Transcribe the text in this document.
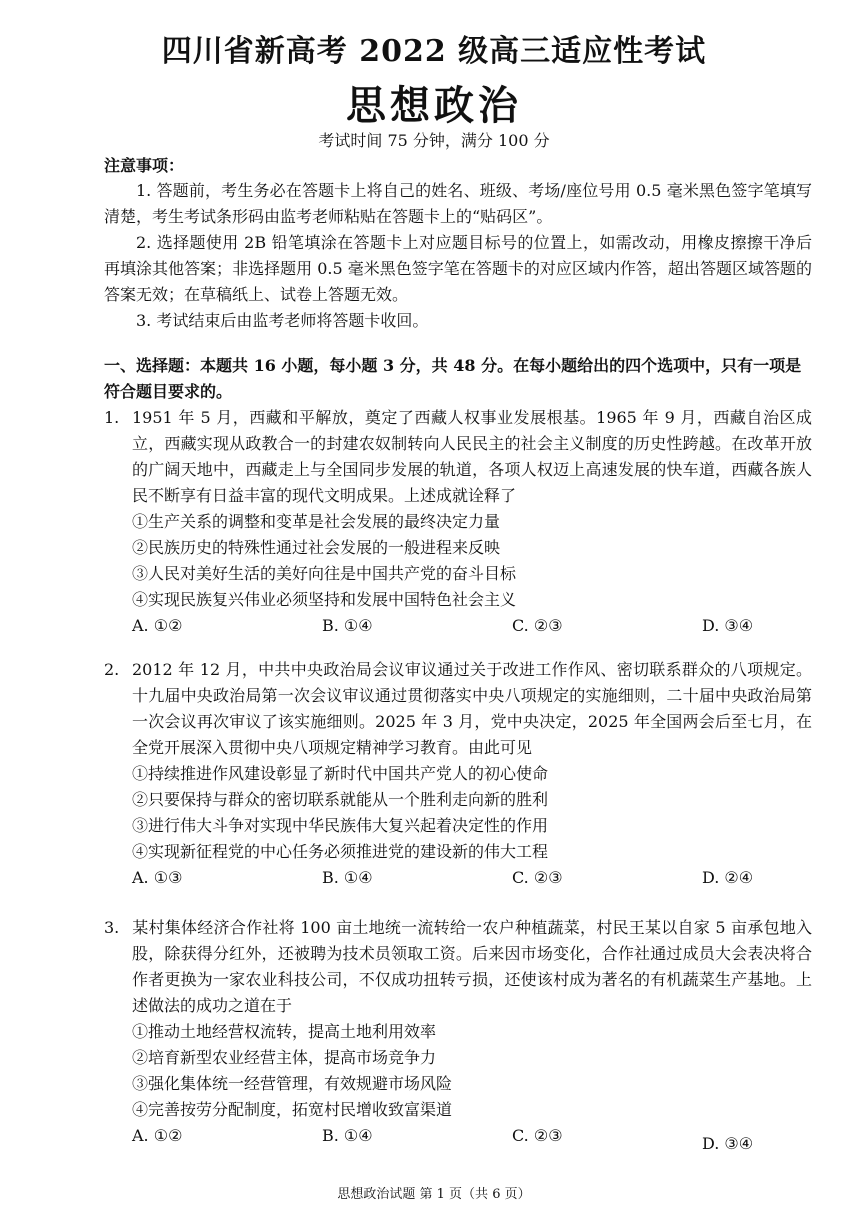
四川省新高考 2022 级高三适应性考试
思想政治
考试时间 75 分钟，满分 100 分
注意事项：

1. 答题前，考生务必在答题卡上将自己的姓名、班级、考场/座位号用 0.5 毫米黑色签字笔填写清楚，考生考试条形码由监考老师粘贴在答题卡上的“贴码区”。

2. 选择题使用 2B 铅笔填涂在答题卡上对应题目标号的位置上，如需改动，用橡皮擦擦干净后再填涂其他答案；非选择题用 0.5 毫米黑色签字笔在答题卡的对应区域内作答，超出答题区域答题的答案无效；在草稿纸上、试卷上答题无效。

3. 考试结束后由监考老师将答题卡收回。

一、选择题：本题共 16 小题，每小题 3 分，共 48 分。在每小题给出的四个选项中，只有一项是符合题目要求的。
1. 1951 年 5 月，西藏和平解放，奠定了西藏人权事业发展根基。1965 年 9 月，西藏自治区成立，西藏实现从政教合一的封建农奴制转向人民民主的社会主义制度的历史性跨越。在改革开放的广阔天地中，西藏走上与全国同步发展的轨道，各项人权迈上高速发展的快车道，西藏各族人民不断享有日益丰富的现代文明成果。上述成就诠释了
①生产关系的调整和变革是社会发展的最终决定力量
②民族历史的特殊性通过社会发展的一般进程来反映
③人民对美好生活的美好向往是中国共产党的奋斗目标
④实现民族复兴伟业必须坚持和发展中国特色社会主义
A. ①②	B. ①④	C. ②③	D. ③④
2. 2012 年 12 月，中共中央政治局会议审议通过关于改进工作作风、密切联系群众的八项规定。十九届中央政治局第一次会议审议通过贯彻落实中央八项规定的实施细则，二十届中央政治局第一次会议再次审议了该实施细则。2025 年 3 月，党中央决定，2025 年全国两会后至七月，在全党开展深入贯彻中央八项规定精神学习教育。由此可见
①持续推进作风建设彰显了新时代中国共产党人的初心使命
②只要保持与群众的密切联系就能从一个胜利走向新的胜利
③进行伟大斗争对实现中华民族伟大复兴起着决定性的作用
④实现新征程党的中心任务必须推进党的建设新的伟大工程
A. ①③	B. ①④	C. ②③	D. ②④
3. 某村集体经济合作社将 100 亩土地统一流转给一农户种植蔬菜，村民王某以自家 5 亩承包地入股，除获得分红外，还被聘为技术员领取工资。后来因市场变化，合作社通过成员大会表决将合作者更换为一家农业科技公司，不仅成功扭转亏损，还使该村成为著名的有机蔬菜生产基地。上述做法的成功之道在于
①推动土地经营权流转，提高土地利用效率
②培育新型农业经营主体，提高市场竞争力
③强化集体统一经营管理，有效规避市场风险
④完善按劳分配制度，拓宽村民增收致富渠道
A. ①②	B. ①④	C. ②③	D. ③④
思想政治试题 第 1 页（共 6 页）
